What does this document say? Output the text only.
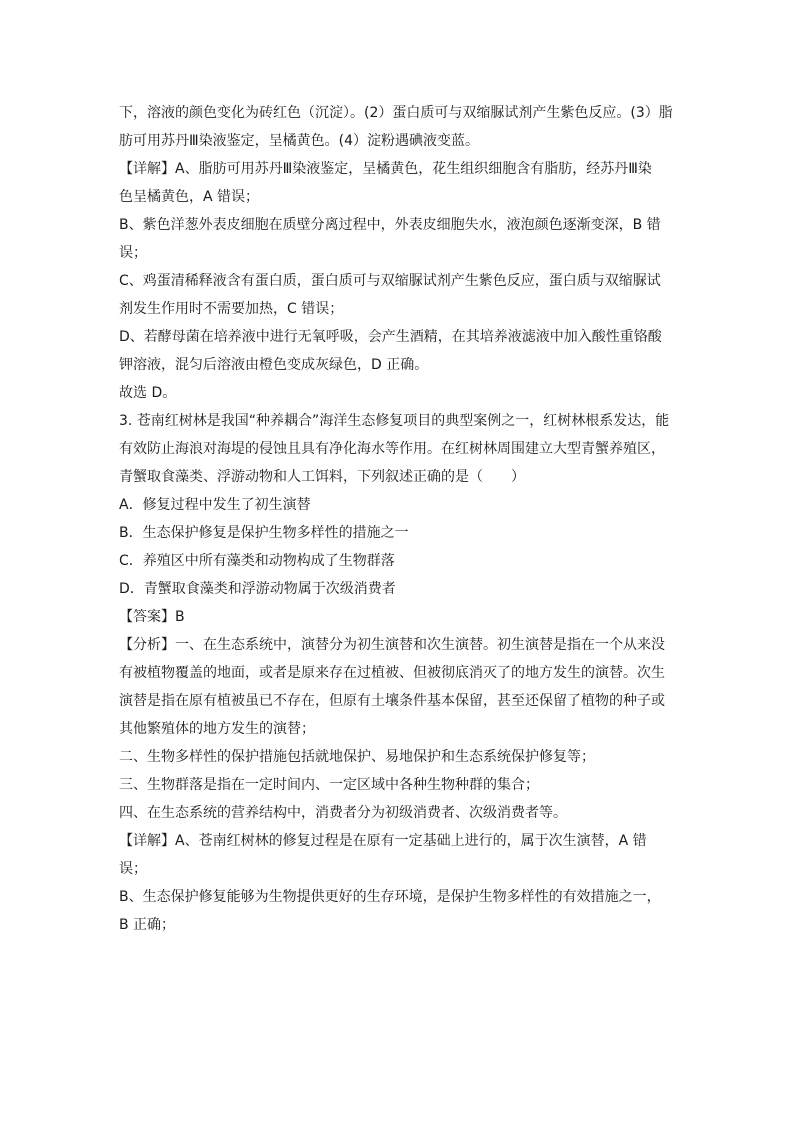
下，溶液的颜色变化为砖红色（沉淀）。(2）蛋白质可与双缩脲试剂产生紫色反应。(3）脂
肪可用苏丹Ⅲ染液鉴定，呈橘黄色。(4）淀粉遇碘液变蓝。
【详解】A、脂肪可用苏丹Ⅲ染液鉴定，呈橘黄色，花生组织细胞含有脂肪，经苏丹Ⅲ染
色呈橘黄色，A 错误；
B、紫色洋葱外表皮细胞在质壁分离过程中，外表皮细胞失水，液泡颜色逐渐变深，B 错
误；
C、鸡蛋清稀释液含有蛋白质，蛋白质可与双缩脲试剂产生紫色反应，蛋白质与双缩脲试
剂发生作用时不需要加热，C 错误；
D、若酵母菌在培养液中进行无氧呼吸，会产生酒精，在其培养液滤液中加入酸性重铬酸
钾溶液，混匀后溶液由橙色变成灰绿色，D 正确。
故选 D。
3. 苍南红树林是我国“种养耦合”海洋生态修复项目的典型案例之一，红树林根系发达，能
有效防止海浪对海堤的侵蚀且具有净化海水等作用。在红树林周围建立大型青蟹养殖区，
青蟹取食藻类、浮游动物和人工饵料，下列叙述正确的是（　　）
A．修复过程中发生了初生演替
B．生态保护修复是保护生物多样性的措施之一
C．养殖区中所有藻类和动物构成了生物群落
D．青蟹取食藻类和浮游动物属于次级消费者
【答案】B
【分析】一、在生态系统中，演替分为初生演替和次生演替。初生演替是指在一个从来没
有被植物覆盖的地面，或者是原来存在过植被、但被彻底消灭了的地方发生的演替。次生
演替是指在原有植被虽已不存在，但原有土壤条件基本保留，甚至还保留了植物的种子或
其他繁殖体的地方发生的演替；
二、生物多样性的保护措施包括就地保护、易地保护和生态系统保护修复等；
三、生物群落是指在一定时间内、一定区域中各种生物种群的集合；
四、在生态系统的营养结构中，消费者分为初级消费者、次级消费者等。
【详解】A、苍南红树林的修复过程是在原有一定基础上进行的，属于次生演替，A 错
误；
B、生态保护修复能够为生物提供更好的生存环境，是保护生物多样性的有效措施之一，
B 正确；
